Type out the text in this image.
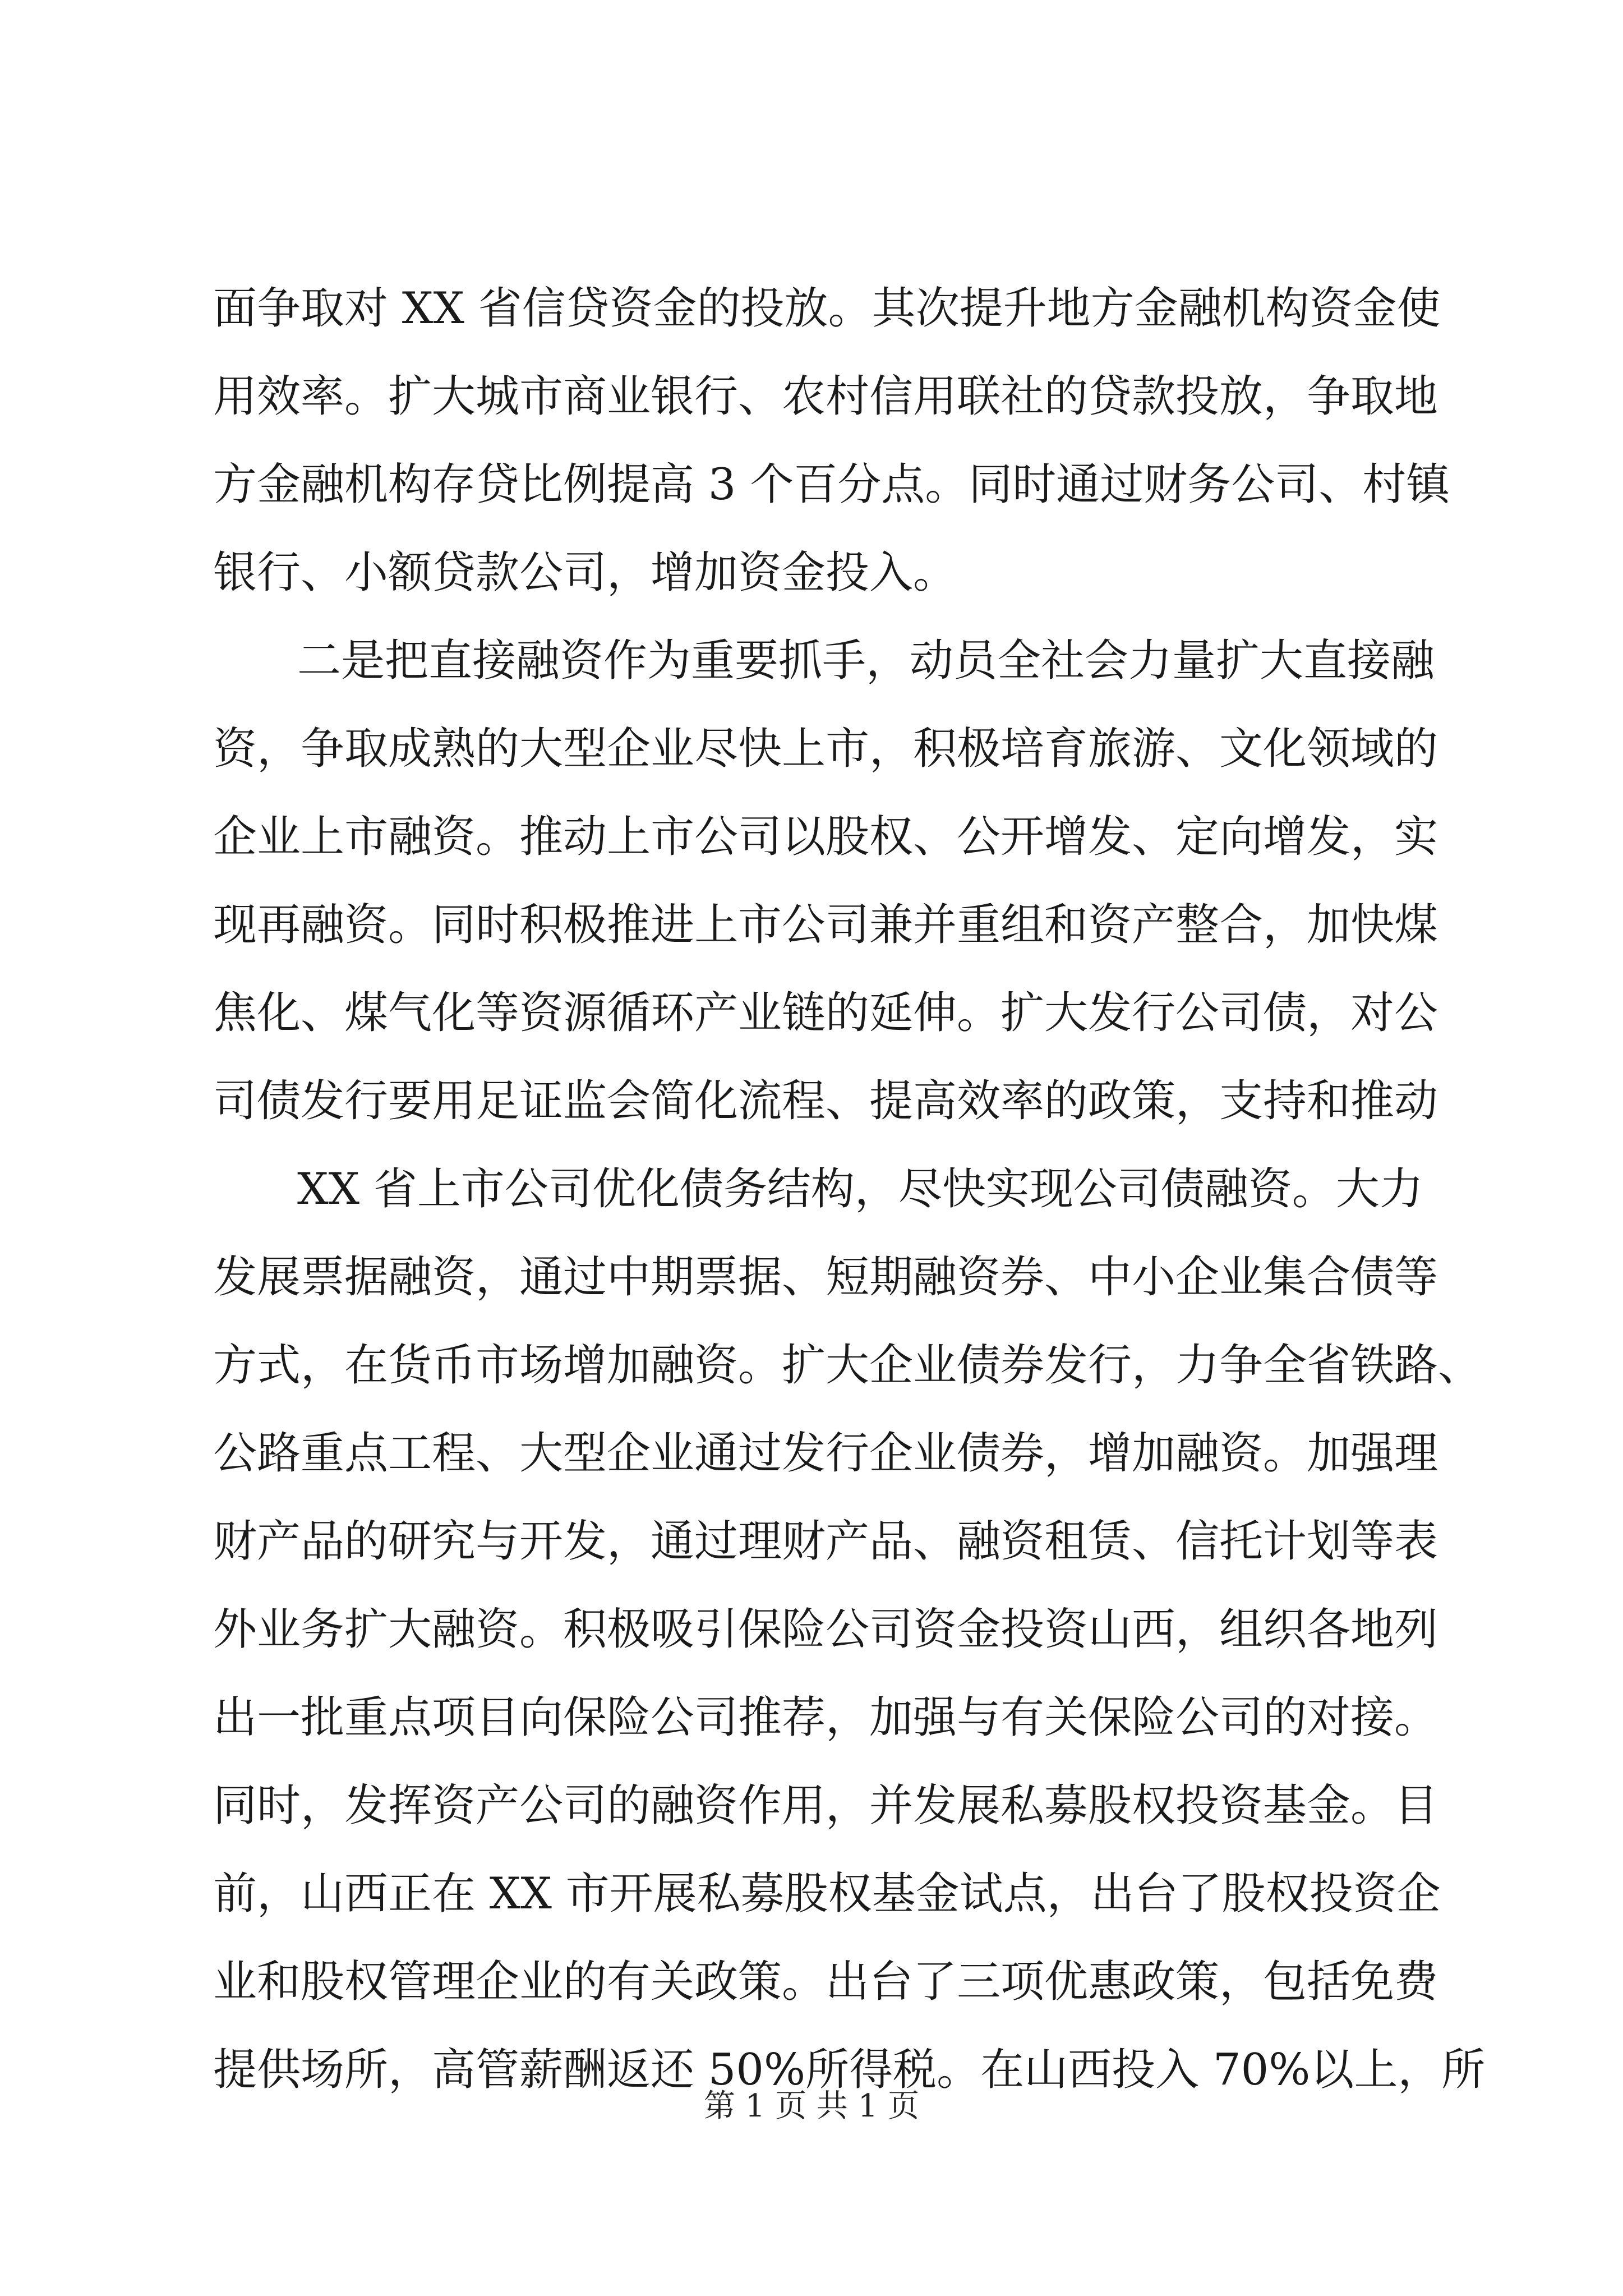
面争取对 XX 省信贷资金的投放。其次提升地方金融机构资金使
用效率。扩大城市商业银行、农村信用联社的贷款投放，争取地
方金融机构存贷比例提高 3 个百分点。同时通过财务公司、村镇
银行、小额贷款公司，增加资金投入。
二是把直接融资作为重要抓手，动员全社会力量扩大直接融
资，争取成熟的大型企业尽快上市，积极培育旅游、文化领域的
企业上市融资。推动上市公司以股权、公开增发、定向增发，实
现再融资。同时积极推进上市公司兼并重组和资产整合，加快煤
焦化、煤气化等资源循环产业链的延伸。扩大发行公司债，对公
司债发行要用足证监会简化流程、提高效率的政策，支持和推动
XX 省上市公司优化债务结构，尽快实现公司债融资。大力
发展票据融资，通过中期票据、短期融资券、中小企业集合债等
方式，在货币市场增加融资。扩大企业债券发行，力争全省铁路、
公路重点工程、大型企业通过发行企业债券，增加融资。加强理
财产品的研究与开发，通过理财产品、融资租赁、信托计划等表
外业务扩大融资。积极吸引保险公司资金投资山西，组织各地列
出一批重点项目向保险公司推荐，加强与有关保险公司的对接。
同时，发挥资产公司的融资作用，并发展私募股权投资基金。目
前，山西正在 XX 市开展私募股权基金试点，出台了股权投资企
业和股权管理企业的有关政策。出台了三项优惠政策，包括免费
提供场所，高管薪酬返还 50%所得税。在山西投入 70%以上，所
第 1 页 共 1 页
